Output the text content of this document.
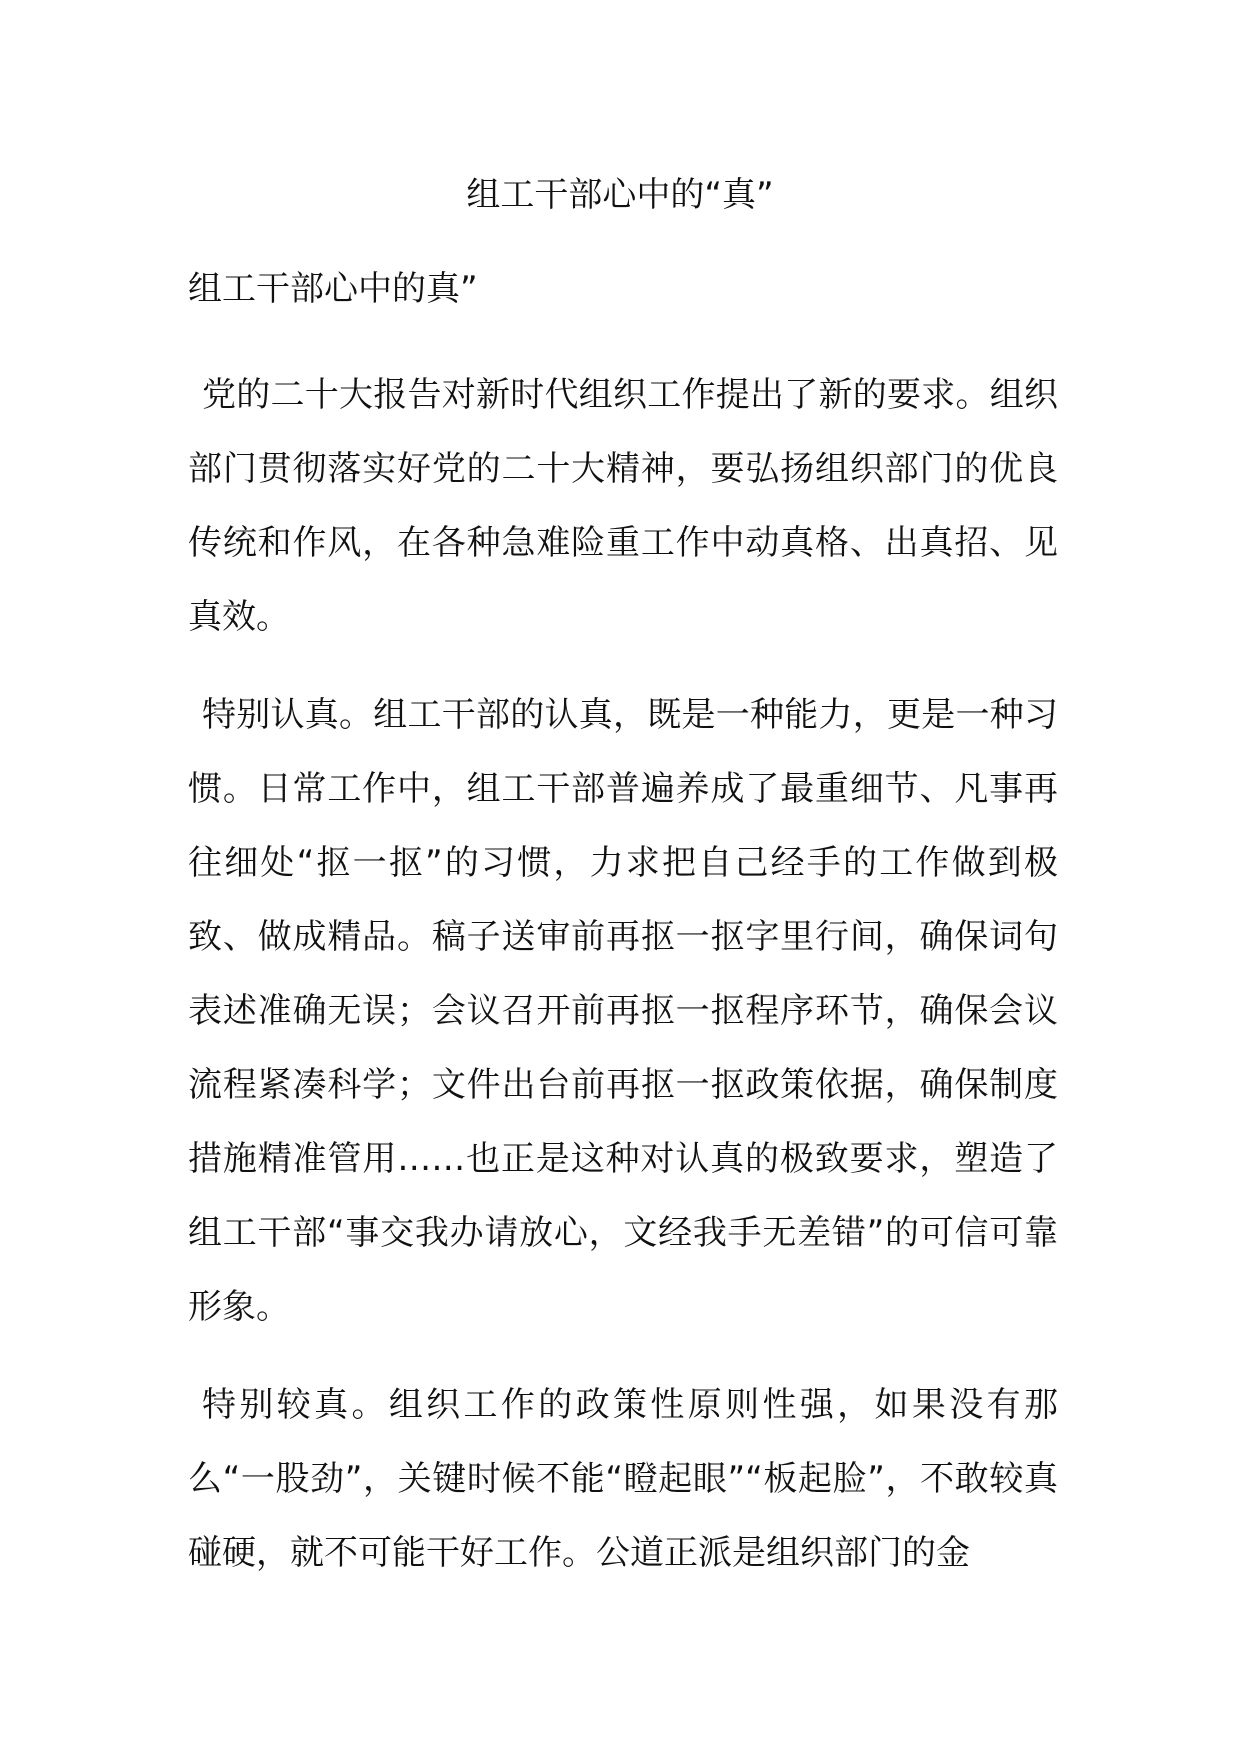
组工干部心中的“真”

组工干部心中的真”

党的二十大报告对新时代组织工作提出了新的要求。组织部门贯彻落实好党的二十大精神，要弘扬组织部门的优良传统和作风，在各种急难险重工作中动真格、出真招、见真效。

特别认真。组工干部的认真，既是一种能力，更是一种习惯。日常工作中，组工干部普遍养成了最重细节、凡事再往细处“抠一抠”的习惯，力求把自己经手的工作做到极致、做成精品。稿子送审前再抠一抠字里行间，确保词句表述准确无误；会议召开前再抠一抠程序环节，确保会议流程紧凑科学；文件出台前再抠一抠政策依据，确保制度措施精准管用……也正是这种对认真的极致要求，塑造了组工干部“事交我办请放心，文经我手无差错”的可信可靠形象。

特别较真。组织工作的政策性原则性强，如果没有那么“一股劲”，关键时候不能“瞪起眼”“板起脸”，不敢较真碰硬，就不可能干好工作。公道正派是组织部门的金
